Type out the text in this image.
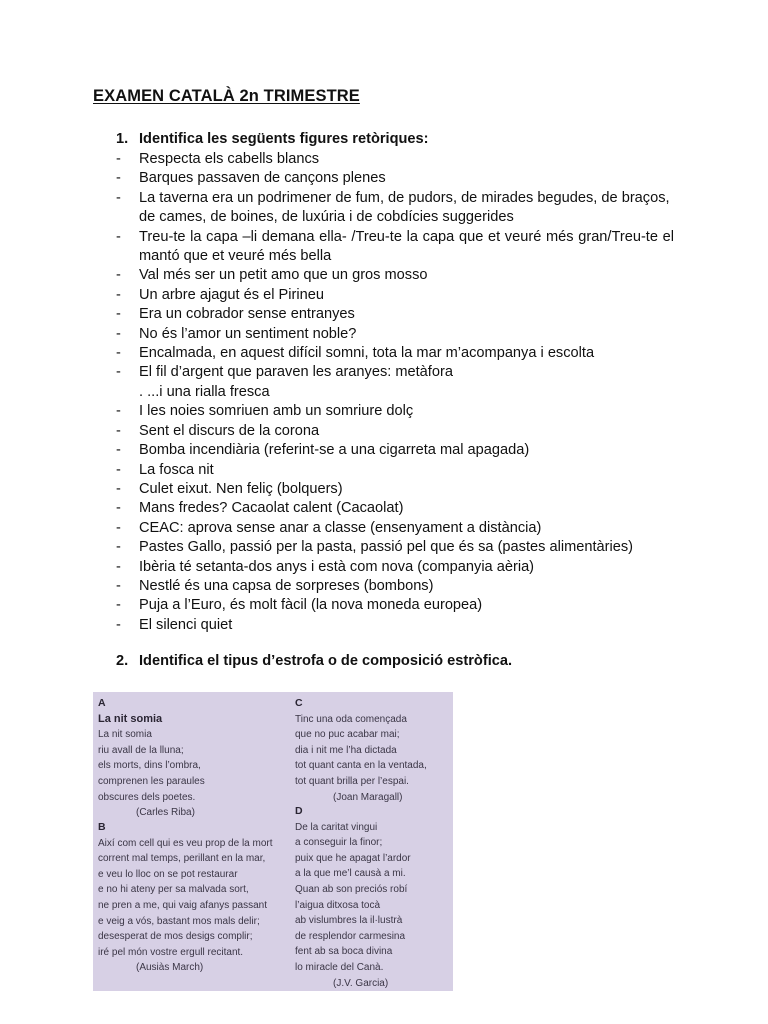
EXAMEN CATALÀ 2n TRIMESTRE
1. Identifica les següents figures retòriques:
- Respecta els cabells blancs
- Barques passaven de cançons plenes
- La taverna era un podrimener de fum, de pudors, de mirades begudes, de braços, de cames, de boines, de luxúria i de cobdícies suggerides
- Treu-te la capa –li demana ella- /Treu-te la capa que et veuré més gran/Treu-te el mantó que et veuré més bella
- Val més ser un petit amo que un gros mosso
- Un arbre ajagut és el Pirineu
- Era un cobrador sense entranyes
- No és l’amor un sentiment noble?
- Encalmada, en aquest difícil somni, tota la mar m’acompanya i escolta
- El fil d’argent que paraven les aranyes: metàfora
. ...i una rialla fresca
- I les noies somriuen amb un somriure dolç
- Sent el discurs de la corona
- Bomba incendiària (referint-se a una cigarreta mal apagada)
- La fosca nit
- Culet eixut. Nen feliç (bolquers)
- Mans fredes? Cacaolat calent (Cacaolat)
- CEAC: aprova sense anar a classe (ensenyament a distància)
- Pastes Gallo, passió per la pasta, passió pel que és sa (pastes alimentàries)
- Ibèria té setanta-dos anys i està com nova (companyia aèria)
- Nestlé és una capsa de sorpreses (bombons)
- Puja a l’Euro, és molt fàcil (la nova moneda europea)
- El silenci quiet
2. Identifica el tipus d’estrofa o de composició estròfica.
A
La nit somia
La nit somia
riu avall de la lluna;
els morts, dins l’ombra,
comprenen les paraules
obscures dels poetes.
(Carles Riba)
B
Així com cell qui es veu prop de la mort
corrent mal temps, perillant en la mar,
e veu lo lloc on se pot restaurar
e no hi ateny per sa malvada sort,
ne pren a me, qui vaig afanys passant
e veig a vós, bastant mos mals delir;
desesperat de mos desigs complir;
iré pel món vostre ergull recitant.
(Ausiàs March)
C
Tinc una oda començada
que no puc acabar mai;
dia i nit me l’ha dictada
tot quant canta en la ventada,
tot quant brilla per l’espai.
(Joan Maragall)
D
De la caritat vingui
a conseguir la finor;
puix que he apagat l’ardor
a la que me’l causà a mi.
Quan ab son preciós robí
l’aigua ditxosa tocà
ab vislumbres la il·lustrà
de resplendor carmesina
fent ab sa boca divina
lo miracle del Canà.
(J.V. Garcia)
